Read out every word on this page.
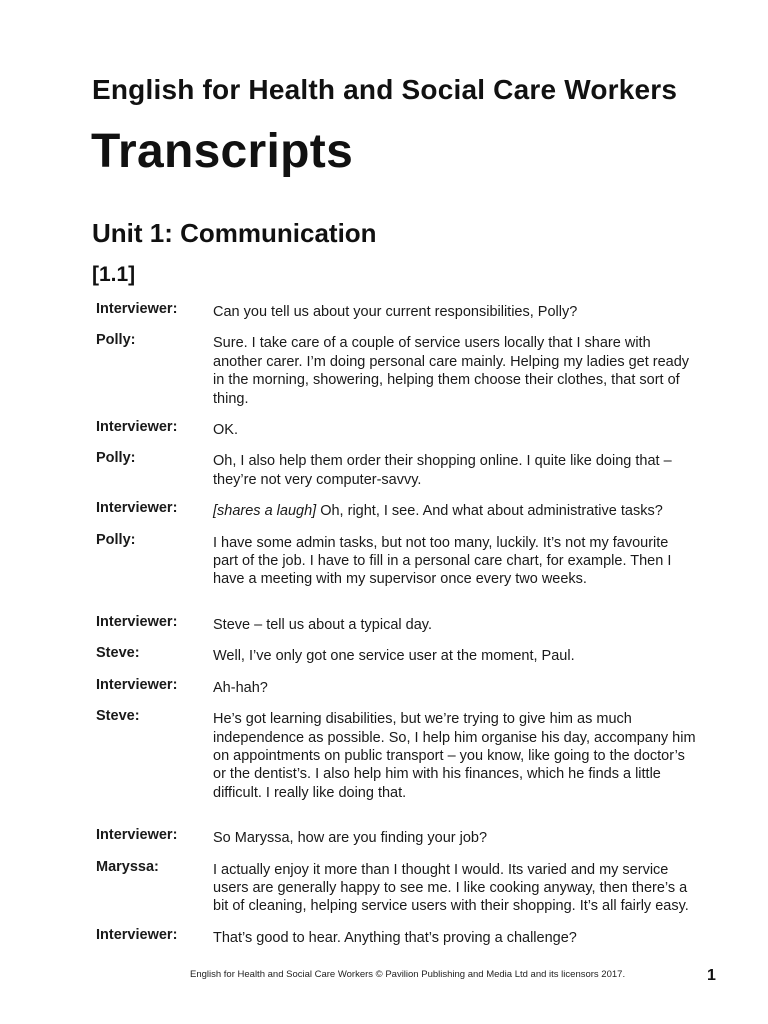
English for Health and Social Care Workers
Transcripts
Unit 1: Communication
[1.1]
Interviewer:	Can you tell us about your current responsibilities, Polly?
Polly:	Sure. I take care of a couple of service users locally that I share with another carer. I’m doing personal care mainly. Helping my ladies get ready in the morning, showering, helping them choose their clothes, that sort of thing.
Interviewer:	OK.
Polly:	Oh, I also help them order their shopping online. I quite like doing that – they’re not very computer-savvy.
Interviewer:	[shares a laugh] Oh, right, I see. And what about administrative tasks?
Polly:	I have some admin tasks, but not too many, luckily. It’s not my favourite part of the job. I have to fill in a personal care chart, for example. Then I have a meeting with my supervisor once every two weeks.
Interviewer:	Steve – tell us about a typical day.
Steve:	Well, I’ve only got one service user at the moment, Paul.
Interviewer:	Ah-hah?
Steve:	He’s got learning disabilities, but we’re trying to give him as much independence as possible. So, I help him organise his day, accompany him on appointments on public transport – you know, like going to the doctor’s or the dentist’s. I also help him with his finances, which he finds a little difficult. I really like doing that.
Interviewer:	So Maryssa, how are you finding your job?
Maryssa:	I actually enjoy it more than I thought I would. Its varied and my service users are generally happy to see me. I like cooking anyway, then there’s a bit of cleaning, helping service users with their shopping. It’s all fairly easy.
Interviewer:	That’s good to hear. Anything that’s proving a challenge?
English for Health and Social Care Workers © Pavilion Publishing and Media Ltd and its licensors 2017.	1
